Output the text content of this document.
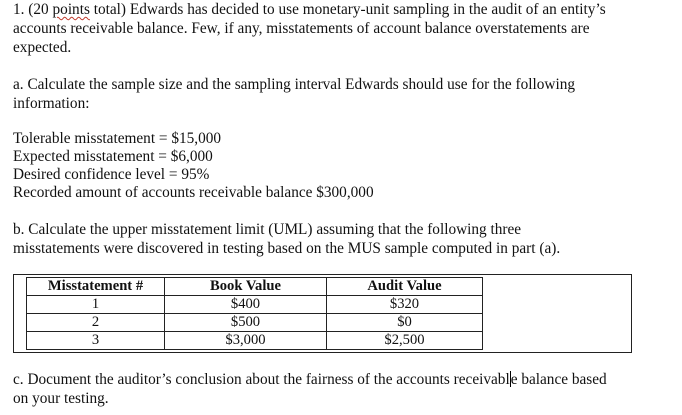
1. (20 points total) Edwards has decided to use monetary-unit sampling in the audit of an entity’s
accounts receivable balance. Few, if any, misstatements of account balance overstatements are
expected.
a. Calculate the sample size and the sampling interval Edwards should use for the following
information:
Tolerable misstatement = $15,000
Expected misstatement = $6,000
Desired confidence level = 95%
Recorded amount of accounts receivable balance $300,000
b. Calculate the upper misstatement limit (UML) assuming that the following three
misstatements were discovered in testing based on the MUS sample computed in part (a).
Misstatement #	Book Value	Audit Value
1	$400	$320
2	$500	$0
3	$3,000	$2,500
c. Document the auditor’s conclusion about the fairness of the accounts receivable balance based
on your testing.
